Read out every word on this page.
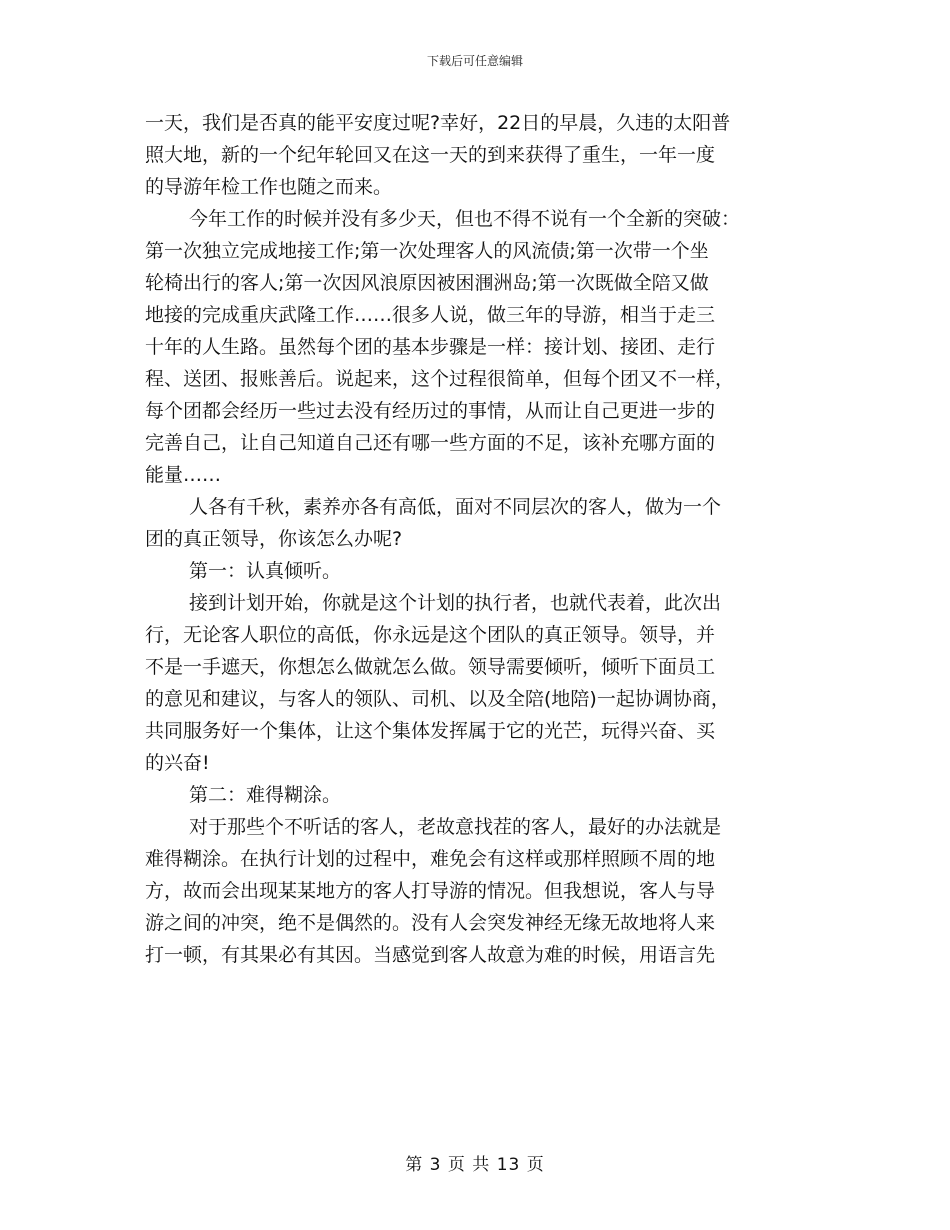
下载后可任意编辑
一天，我们是否真的能平安度过呢?幸好，22日的早晨，久违的太阳普
照大地，新的一个纪年轮回又在这一天的到来获得了重生，一年一度
的导游年检工作也随之而来。
今年工作的时候并没有多少天，但也不得不说有一个全新的突破：
第一次独立完成地接工作;第一次处理客人的风流债;第一次带一个坐
轮椅出行的客人;第一次因风浪原因被困涠洲岛;第一次既做全陪又做
地接的完成重庆武隆工作……很多人说，做三年的导游，相当于走三
十年的人生路。虽然每个团的基本步骤是一样：接计划、接团、走行
程、送团、报账善后。说起来，这个过程很简单，但每个团又不一样，
每个团都会经历一些过去没有经历过的事情，从而让自己更进一步的
完善自己，让自己知道自己还有哪一些方面的不足，该补充哪方面的
能量……
人各有千秋，素养亦各有高低，面对不同层次的客人，做为一个
团的真正领导，你该怎么办呢?
第一：认真倾听。
接到计划开始，你就是这个计划的执行者，也就代表着，此次出
行，无论客人职位的高低，你永远是这个团队的真正领导。领导，并
不是一手遮天，你想怎么做就怎么做。领导需要倾听，倾听下面员工
的意见和建议，与客人的领队、司机、以及全陪(地陪)一起协调协商，
共同服务好一个集体，让这个集体发挥属于它的光芒，玩得兴奋、买
的兴奋!
第二：难得糊涂。
对于那些个不听话的客人，老故意找茬的客人，最好的办法就是
难得糊涂。在执行计划的过程中，难免会有这样或那样照顾不周的地
方，故而会出现某某地方的客人打导游的情况。但我想说，客人与导
游之间的冲突，绝不是偶然的。没有人会突发神经无缘无故地将人来
打一顿，有其果必有其因。当感觉到客人故意为难的时候，用语言先
第 3 页 共 13 页
